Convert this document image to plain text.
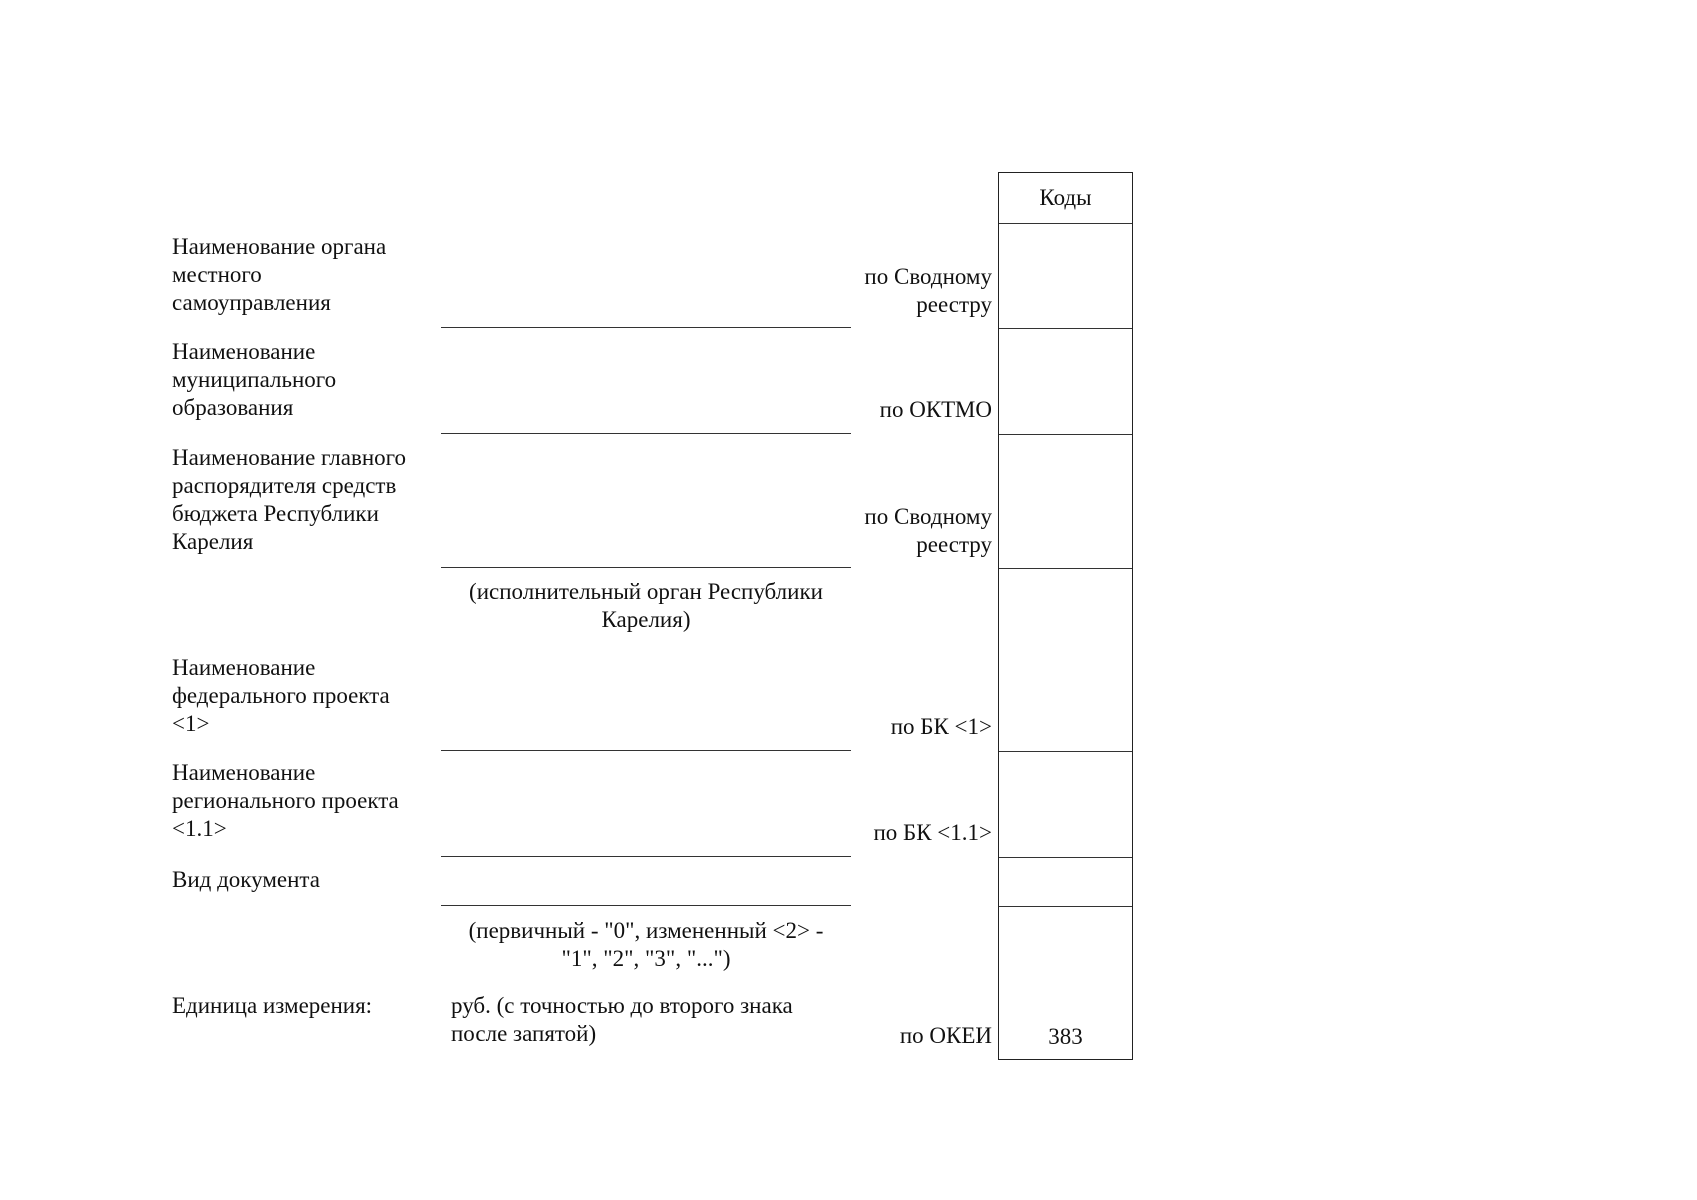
Наименование органа
местного
самоуправления
Наименование
муниципального
образования
Наименование главного
распорядителя средств
бюджета Республики
Карелия
Наименование
федерального проекта
<1>
Наименование
регионального проекта
<1.1>
Вид документа
Единица измерения:
(исполнительный орган Республики
Карелия)
(первичный - "0", измененный <2> -
"1", "2", "3", "...")
руб. (с точностью до второго знака
после запятой)
по Сводному
реестру
по ОКТМО
по Сводному
реестру
по БК <1>
по БК <1.1>
по ОКЕИ
Коды
383
